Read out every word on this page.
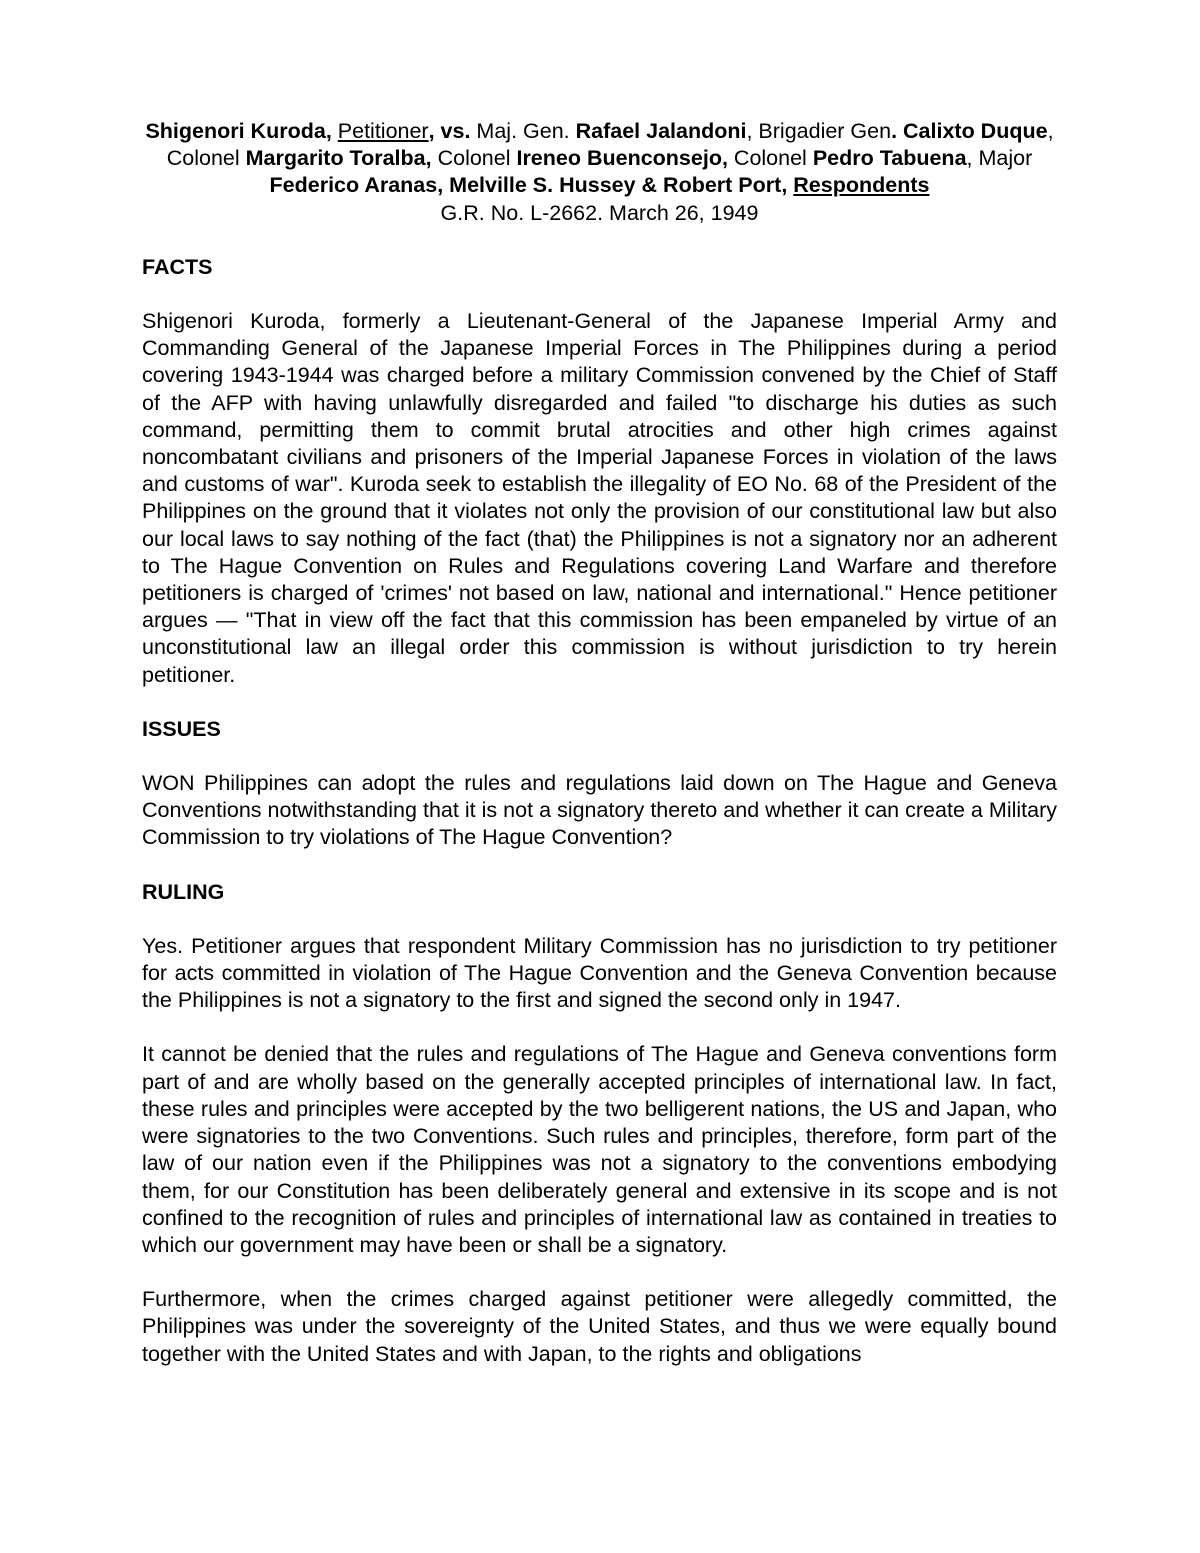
Shigenori Kuroda, Petitioner, vs. Maj. Gen. Rafael Jalandoni, Brigadier Gen. Calixto Duque, Colonel Margarito Toralba, Colonel Ireneo Buenconsejo, Colonel Pedro Tabuena, Major Federico Aranas, Melville S. Hussey & Robert Port, Respondents
G.R. No. L-2662. March 26, 1949

FACTS

Shigenori Kuroda, formerly a Lieutenant-General of the Japanese Imperial Army and Commanding General of the Japanese Imperial Forces in The Philippines during a period covering 1943-1944 was charged before a military Commission convened by the Chief of Staff of the AFP with having unlawfully disregarded and failed "to discharge his duties as such command, permitting them to commit brutal atrocities and other high crimes against noncombatant civilians and prisoners of the Imperial Japanese Forces in violation of the laws and customs of war". Kuroda seek to establish the illegality of EO No. 68 of the President of the Philippines on the ground that it violates not only the provision of our constitutional law but also our local laws to say nothing of the fact (that) the Philippines is not a signatory nor an adherent to The Hague Convention on Rules and Regulations covering Land Warfare and therefore petitioners is charged of 'crimes' not based on law, national and international." Hence petitioner argues — "That in view off the fact that this commission has been empaneled by virtue of an unconstitutional law an illegal order this commission is without jurisdiction to try herein petitioner.

ISSUES

WON Philippines can adopt the rules and regulations laid down on The Hague and Geneva Conventions notwithstanding that it is not a signatory thereto and whether it can create a Military Commission to try violations of The Hague Convention?

RULING

Yes. Petitioner argues that respondent Military Commission has no jurisdiction to try petitioner for acts committed in violation of The Hague Convention and the Geneva Convention because the Philippines is not a signatory to the first and signed the second only in 1947.

It cannot be denied that the rules and regulations of The Hague and Geneva conventions form part of and are wholly based on the generally accepted principles of international law. In fact, these rules and principles were accepted by the two belligerent nations, the US and Japan, who were signatories to the two Conventions. Such rules and principles, therefore, form part of the law of our nation even if the Philippines was not a signatory to the conventions embodying them, for our Constitution has been deliberately general and extensive in its scope and is not confined to the recognition of rules and principles of international law as contained in treaties to which our government may have been or shall be a signatory.

Furthermore, when the crimes charged against petitioner were allegedly committed, the Philippines was under the sovereignty of the United States, and thus we were equally bound together with the United States and with Japan, to the rights and obligations
